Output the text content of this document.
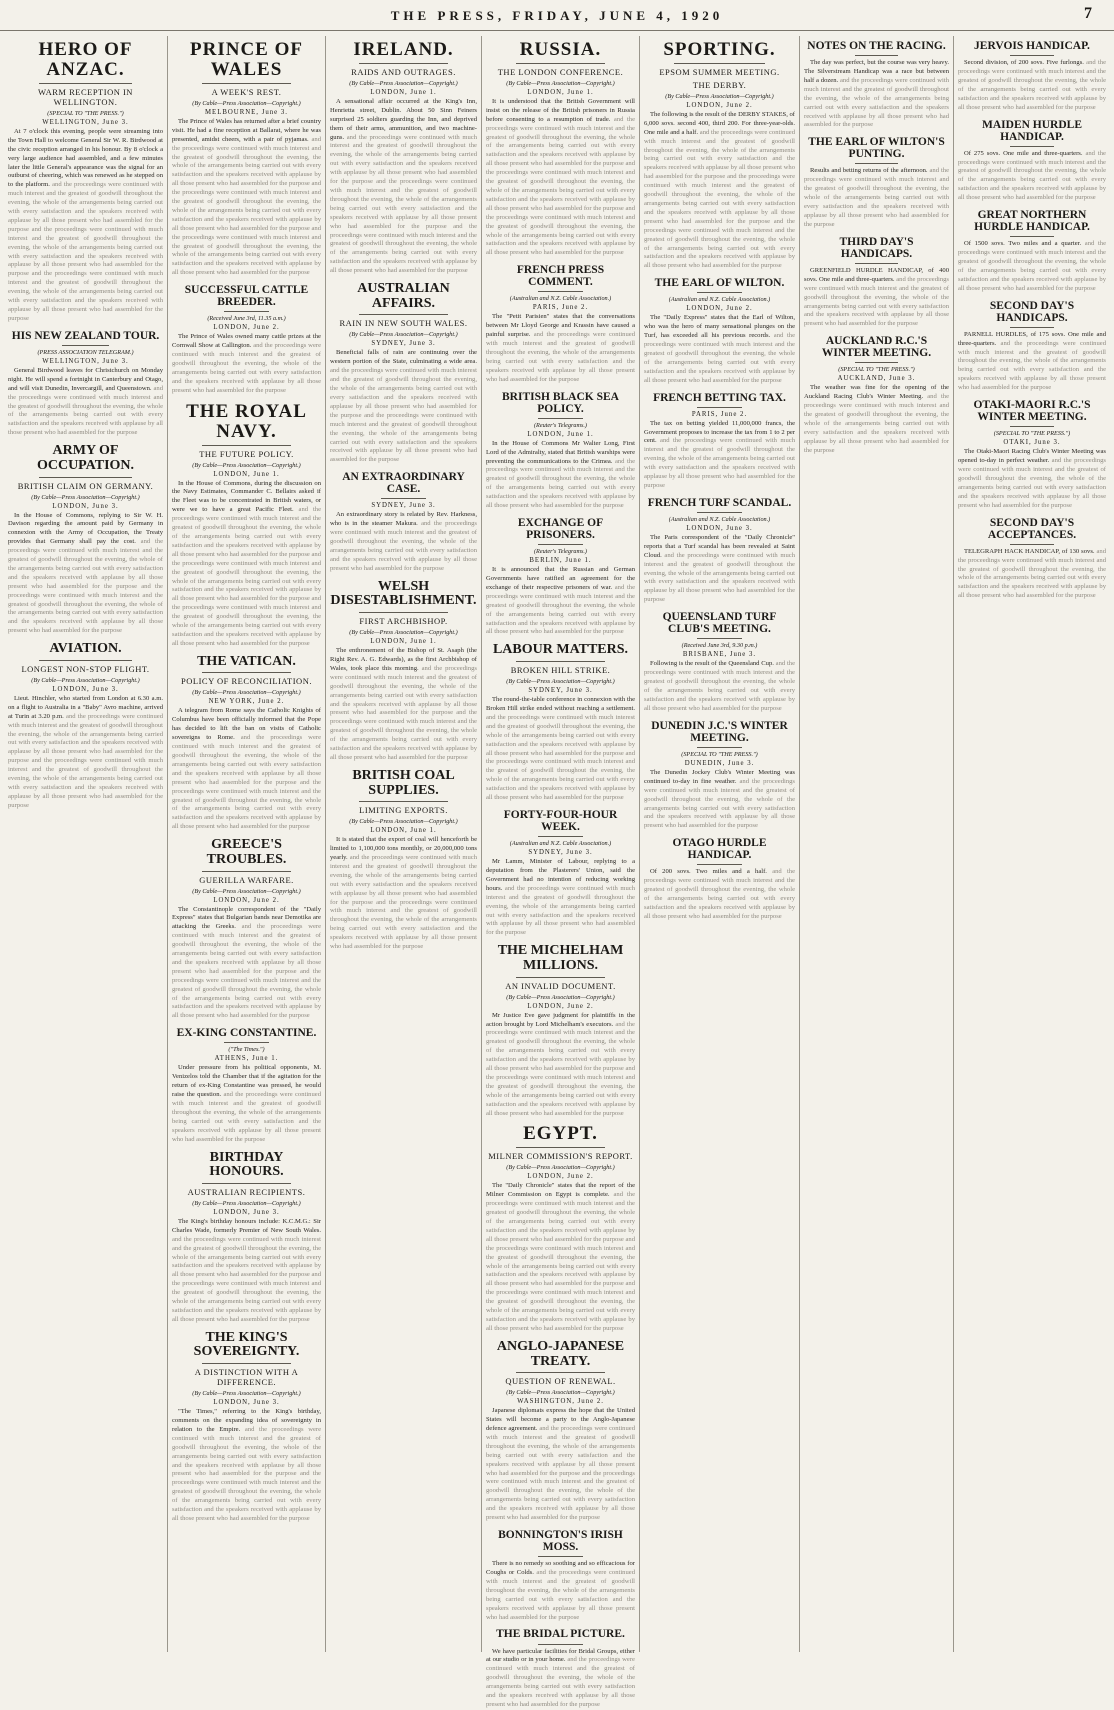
THE PRESS, FRIDAY, JUNE 4, 1920	7
HERO OF ANZAC.
WARM RECEPTION IN WELLINGTON.
(SPECIAL TO "THE PRESS.")
WELLINGTON, June 3.
At 7 o'clock this evening, people were streaming into the Town Hall to welcome General Sir W. R. Birdwood at the civic reception arranged in his honour. By 8 o'clock a very large audience had assembled, and a few minutes later the little General's appearance was the signal for an outburst of cheering, which was renewed as he stepped on to the platform. and the proceedings were continued with much interest and the greatest of goodwill throughout the evening, the whole of the arrangements being carried out with every satisfaction and the speakers received with applause by all those present who had assembled for the purpose and the proceedings were continued with much interest and the greatest of goodwill throughout the evening, the whole of the arrangements being carried out with every satisfaction and the speakers received with applause by all those present who had assembled for the purpose and the proceedings were continued with much interest and the greatest of goodwill throughout the evening, the whole of the arrangements being carried out with every satisfaction and the speakers received with applause by all those present who had assembled for the purpose
HIS NEW ZEALAND TOUR.
(PRESS ASSOCIATION TELEGRAM.)
WELLINGTON, June 3.
General Birdwood leaves for Christchurch on Monday night. He will spend a fortnight in Canterbury and Otago, and will visit Dunedin, Invercargill, and Queenstown. and the proceedings were continued with much interest and the greatest of goodwill throughout the evening, the whole of the arrangements being carried out with every satisfaction and the speakers received with applause by all those present who had assembled for the purpose
ARMY OF OCCUPATION.
BRITISH CLAIM ON GERMANY.
(By Cable—Press Association—Copyright.)
LONDON, June 3.
In the House of Commons, replying to Sir W. H. Davison regarding the amount paid by Germany in connexion with the Army of Occupation, the Treaty provides that Germany shall pay the cost. and the proceedings were continued with much interest and the greatest of goodwill throughout the evening, the whole of the arrangements being carried out with every satisfaction and the speakers received with applause by all those present who had assembled for the purpose and the proceedings were continued with much interest and the greatest of goodwill throughout the evening, the whole of the arrangements being carried out with every satisfaction and the speakers received with applause by all those present who had assembled for the purpose
AVIATION.
LONGEST NON-STOP FLIGHT.
(By Cable—Press Association—Copyright.)
LONDON, June 3.
Lieut. Hinchler, who started from London at 6.30 a.m. on a flight to Australia in a "Baby" Avro machine, arrived at Turin at 3.20 p.m. and the proceedings were continued with much interest and the greatest of goodwill throughout the evening, the whole of the arrangements being carried out with every satisfaction and the speakers received with applause by all those present who had assembled for the purpose and the proceedings were continued with much interest and the greatest of goodwill throughout the evening, the whole of the arrangements being carried out with every satisfaction and the speakers received with applause by all those present who had assembled for the purpose
PRINCE OF WALES
A WEEK'S REST.
(By Cable—Press Association—Copyright.)
MELBOURNE, June 3.
The Prince of Wales has returned after a brief country visit. He had a fine reception at Ballarat, where he was presented, amidst cheers, with a pair of pyjamas. and the proceedings were continued with much interest and the greatest of goodwill throughout the evening, the whole of the arrangements being carried out with every satisfaction and the speakers received with applause by all those present who had assembled for the purpose and the proceedings were continued with much interest and the greatest of goodwill throughout the evening, the whole of the arrangements being carried out with every satisfaction and the speakers received with applause by all those present who had assembled for the purpose and the proceedings were continued with much interest and the greatest of goodwill throughout the evening, the whole of the arrangements being carried out with every satisfaction and the speakers received with applause by all those present who had assembled for the purpose
SUCCESSFUL CATTLE BREEDER.
(Received June 3rd, 11.35 a.m.)
LONDON, June 2.
The Prince of Wales owned many cattle prizes at the Cornwall Show at Callington. and the proceedings were continued with much interest and the greatest of goodwill throughout the evening, the whole of the arrangements being carried out with every satisfaction and the speakers received with applause by all those present who had assembled for the purpose
THE ROYAL NAVY.
THE FUTURE POLICY.
(By Cable—Press Association—Copyright.)
LONDON, June 1.
In the House of Commons, during the discussion on the Navy Estimates, Commander C. Bellairs asked if the Fleet was to be concentrated in British waters, or were we to have a great Pacific Fleet. and the proceedings were continued with much interest and the greatest of goodwill throughout the evening, the whole of the arrangements being carried out with every satisfaction and the speakers received with applause by all those present who had assembled for the purpose and the proceedings were continued with much interest and the greatest of goodwill throughout the evening, the whole of the arrangements being carried out with every satisfaction and the speakers received with applause by all those present who had assembled for the purpose and the proceedings were continued with much interest and the greatest of goodwill throughout the evening, the whole of the arrangements being carried out with every satisfaction and the speakers received with applause by all those present who had assembled for the purpose
THE VATICAN.
POLICY OF RECONCILIATION.
(By Cable—Press Association—Copyright.)
NEW YORK, June 2.
A telegram from Rome says the Catholic Knights of Columbus have been officially informed that the Pope has decided to lift the ban on visits of Catholic sovereigns to Rome. and the proceedings were continued with much interest and the greatest of goodwill throughout the evening, the whole of the arrangements being carried out with every satisfaction and the speakers received with applause by all those present who had assembled for the purpose and the proceedings were continued with much interest and the greatest of goodwill throughout the evening, the whole of the arrangements being carried out with every satisfaction and the speakers received with applause by all those present who had assembled for the purpose
GREECE'S TROUBLES.
GUERILLA WARFARE.
(By Cable—Press Association—Copyright.)
LONDON, June 2.
The Constantinople correspondent of the "Daily Express" states that Bulgarian bands near Demotika are attacking the Greeks. and the proceedings were continued with much interest and the greatest of goodwill throughout the evening, the whole of the arrangements being carried out with every satisfaction and the speakers received with applause by all those present who had assembled for the purpose and the proceedings were continued with much interest and the greatest of goodwill throughout the evening, the whole of the arrangements being carried out with every satisfaction and the speakers received with applause by all those present who had assembled for the purpose
EX-KING CONSTANTINE.
("The Times.")
ATHENS, June 1.
Under pressure from his political opponents, M. Venizelos told the Chamber that if the agitation for the return of ex-King Constantine was pressed, he would raise the question. and the proceedings were continued with much interest and the greatest of goodwill throughout the evening, the whole of the arrangements being carried out with every satisfaction and the speakers received with applause by all those present who had assembled for the purpose
BIRTHDAY HONOURS.
AUSTRALIAN RECIPIENTS.
(By Cable—Press Association—Copyright.)
LONDON, June 3.
The King's birthday honours include: K.C.M.G.: Sir Charles Wade, formerly Premier of New South Wales. and the proceedings were continued with much interest and the greatest of goodwill throughout the evening, the whole of the arrangements being carried out with every satisfaction and the speakers received with applause by all those present who had assembled for the purpose and the proceedings were continued with much interest and the greatest of goodwill throughout the evening, the whole of the arrangements being carried out with every satisfaction and the speakers received with applause by all those present who had assembled for the purpose
THE KING'S SOVEREIGNTY.
A DISTINCTION WITH A DIFFERENCE.
(By Cable—Press Association—Copyright.)
LONDON, June 3.
"The Times," referring to the King's birthday, comments on the expanding idea of sovereignty in relation to the Empire. and the proceedings were continued with much interest and the greatest of goodwill throughout the evening, the whole of the arrangements being carried out with every satisfaction and the speakers received with applause by all those present who had assembled for the purpose and the proceedings were continued with much interest and the greatest of goodwill throughout the evening, the whole of the arrangements being carried out with every satisfaction and the speakers received with applause by all those present who had assembled for the purpose
IRELAND.
RAIDS AND OUTRAGES.
(By Cable—Press Association—Copyright.)
LONDON, June 1.
A sensational affair occurred at the King's Inn, Henrietta street, Dublin. About 50 Sinn Feiners surprised 25 soldiers guarding the Inn, and deprived them of their arms, ammunition, and two machine-guns. and the proceedings were continued with much interest and the greatest of goodwill throughout the evening, the whole of the arrangements being carried out with every satisfaction and the speakers received with applause by all those present who had assembled for the purpose and the proceedings were continued with much interest and the greatest of goodwill throughout the evening, the whole of the arrangements being carried out with every satisfaction and the speakers received with applause by all those present who had assembled for the purpose and the proceedings were continued with much interest and the greatest of goodwill throughout the evening, the whole of the arrangements being carried out with every satisfaction and the speakers received with applause by all those present who had assembled for the purpose
AUSTRALIAN AFFAIRS.
RAIN IN NEW SOUTH WALES.
(By Cable—Press Association—Copyright.)
SYDNEY, June 3.
Beneficial falls of rain are continuing over the western portion of the State, culminating a wide area. and the proceedings were continued with much interest and the greatest of goodwill throughout the evening, the whole of the arrangements being carried out with every satisfaction and the speakers received with applause by all those present who had assembled for the purpose and the proceedings were continued with much interest and the greatest of goodwill throughout the evening, the whole of the arrangements being carried out with every satisfaction and the speakers received with applause by all those present who had assembled for the purpose
AN EXTRAORDINARY CASE.
SYDNEY, June 3.
An extraordinary story is related by Rev. Harkness, who is in the steamer Makura. and the proceedings were continued with much interest and the greatest of goodwill throughout the evening, the whole of the arrangements being carried out with every satisfaction and the speakers received with applause by all those present who had assembled for the purpose
WELSH DISESTABLISHMENT.
FIRST ARCHBISHOP.
(By Cable—Press Association—Copyright.)
LONDON, June 1.
The enthronement of the Bishop of St. Asaph (the Right Rev. A. G. Edwards), as the first Archbishop of Wales, took place this morning. and the proceedings were continued with much interest and the greatest of goodwill throughout the evening, the whole of the arrangements being carried out with every satisfaction and the speakers received with applause by all those present who had assembled for the purpose and the proceedings were continued with much interest and the greatest of goodwill throughout the evening, the whole of the arrangements being carried out with every satisfaction and the speakers received with applause by all those present who had assembled for the purpose
BRITISH COAL SUPPLIES.
LIMITING EXPORTS.
(By Cable—Press Association—Copyright.)
LONDON, June 1.
It is stated that the export of coal will henceforth be limited to 1,100,000 tons monthly, or 20,000,000 tons yearly. and the proceedings were continued with much interest and the greatest of goodwill throughout the evening, the whole of the arrangements being carried out with every satisfaction and the speakers received with applause by all those present who had assembled for the purpose and the proceedings were continued with much interest and the greatest of goodwill throughout the evening, the whole of the arrangements being carried out with every satisfaction and the speakers received with applause by all those present who had assembled for the purpose
RUSSIA.
THE LONDON CONFERENCE.
(By Cable—Press Association—Copyright.)
LONDON, June 1.
It is understood that the British Government will insist on the release of the British prisoners in Russia before consenting to a resumption of trade. and the proceedings were continued with much interest and the greatest of goodwill throughout the evening, the whole of the arrangements being carried out with every satisfaction and the speakers received with applause by all those present who had assembled for the purpose and the proceedings were continued with much interest and the greatest of goodwill throughout the evening, the whole of the arrangements being carried out with every satisfaction and the speakers received with applause by all those present who had assembled for the purpose and the proceedings were continued with much interest and the greatest of goodwill throughout the evening, the whole of the arrangements being carried out with every satisfaction and the speakers received with applause by all those present who had assembled for the purpose
FRENCH PRESS COMMENT.
(Australian and N.Z. Cable Association.)
PARIS, June 2.
The "Petit Parisien" states that the conversations between Mr Lloyd George and Krassin have caused a painful surprise. and the proceedings were continued with much interest and the greatest of goodwill throughout the evening, the whole of the arrangements being carried out with every satisfaction and the speakers received with applause by all those present who had assembled for the purpose
BRITISH BLACK SEA POLICY.
(Reuter's Telegrams.)
LONDON, June 1.
In the House of Commons Mr Walter Long, First Lord of the Admiralty, stated that British warships were preventing the communications to the Crimea. and the proceedings were continued with much interest and the greatest of goodwill throughout the evening, the whole of the arrangements being carried out with every satisfaction and the speakers received with applause by all those present who had assembled for the purpose
EXCHANGE OF PRISONERS.
(Reuter's Telegrams.)
BERLIN, June 1.
It is announced that the Russian and German Governments have ratified an agreement for the exchange of their respective prisoners of war. and the proceedings were continued with much interest and the greatest of goodwill throughout the evening, the whole of the arrangements being carried out with every satisfaction and the speakers received with applause by all those present who had assembled for the purpose
LABOUR MATTERS.
BROKEN HILL STRIKE.
(By Cable—Press Association—Copyright.)
SYDNEY, June 3.
The round-the-table conference in connexion with the Broken Hill strike ended without reaching a settlement. and the proceedings were continued with much interest and the greatest of goodwill throughout the evening, the whole of the arrangements being carried out with every satisfaction and the speakers received with applause by all those present who had assembled for the purpose and the proceedings were continued with much interest and the greatest of goodwill throughout the evening, the whole of the arrangements being carried out with every satisfaction and the speakers received with applause by all those present who had assembled for the purpose
FORTY-FOUR-HOUR WEEK.
(Australian and N.Z. Cable Association.)
SYDNEY, June 3.
Mr Lamm, Minister of Labour, replying to a deputation from the Plasterers' Union, said the Government had no intention of reducing working hours. and the proceedings were continued with much interest and the greatest of goodwill throughout the evening, the whole of the arrangements being carried out with every satisfaction and the speakers received with applause by all those present who had assembled for the purpose
THE MICHELHAM MILLIONS.
AN INVALID DOCUMENT.
(By Cable—Press Association—Copyright.)
LONDON, June 2.
Mr Justice Eve gave judgment for plaintiffs in the action brought by Lord Michelham's executors. and the proceedings were continued with much interest and the greatest of goodwill throughout the evening, the whole of the arrangements being carried out with every satisfaction and the speakers received with applause by all those present who had assembled for the purpose and the proceedings were continued with much interest and the greatest of goodwill throughout the evening, the whole of the arrangements being carried out with every satisfaction and the speakers received with applause by all those present who had assembled for the purpose
EGYPT.
MILNER COMMISSION'S REPORT.
(By Cable—Press Association—Copyright.)
LONDON, June 2.
The "Daily Chronicle" states that the report of the Milner Commission on Egypt is complete. and the proceedings were continued with much interest and the greatest of goodwill throughout the evening, the whole of the arrangements being carried out with every satisfaction and the speakers received with applause by all those present who had assembled for the purpose and the proceedings were continued with much interest and the greatest of goodwill throughout the evening, the whole of the arrangements being carried out with every satisfaction and the speakers received with applause by all those present who had assembled for the purpose and the proceedings were continued with much interest and the greatest of goodwill throughout the evening, the whole of the arrangements being carried out with every satisfaction and the speakers received with applause by all those present who had assembled for the purpose
ANGLO-JAPANESE TREATY.
QUESTION OF RENEWAL.
(By Cable—Press Association—Copyright.)
WASHINGTON, June 2.
Japanese diplomats express the hope that the United States will become a party to the Anglo-Japanese defence agreement. and the proceedings were continued with much interest and the greatest of goodwill throughout the evening, the whole of the arrangements being carried out with every satisfaction and the speakers received with applause by all those present who had assembled for the purpose and the proceedings were continued with much interest and the greatest of goodwill throughout the evening, the whole of the arrangements being carried out with every satisfaction and the speakers received with applause by all those present who had assembled for the purpose
BONNINGTON'S IRISH MOSS.
There is no remedy so soothing and so efficacious for Coughs or Colds. and the proceedings were continued with much interest and the greatest of goodwill throughout the evening, the whole of the arrangements being carried out with every satisfaction and the speakers received with applause by all those present who had assembled for the purpose
THE BRIDAL PICTURE.
We have particular facilities for Bridal Groups, either at our studio or in your home. and the proceedings were continued with much interest and the greatest of goodwill throughout the evening, the whole of the arrangements being carried out with every satisfaction and the speakers received with applause by all those present who had assembled for the purpose
SPORTING.
EPSOM SUMMER MEETING.
THE DERBY.
(By Cable—Press Association—Copyright.)
LONDON, June 2.
The following is the result of the DERBY STAKES, of 6,000 sovs. second 400, third 200. For three-year-olds. One mile and a half. and the proceedings were continued with much interest and the greatest of goodwill throughout the evening, the whole of the arrangements being carried out with every satisfaction and the speakers received with applause by all those present who had assembled for the purpose and the proceedings were continued with much interest and the greatest of goodwill throughout the evening, the whole of the arrangements being carried out with every satisfaction and the speakers received with applause by all those present who had assembled for the purpose and the proceedings were continued with much interest and the greatest of goodwill throughout the evening, the whole of the arrangements being carried out with every satisfaction and the speakers received with applause by all those present who had assembled for the purpose
THE EARL OF WILTON.
(Australian and N.Z. Cable Association.)
LONDON, June 2.
The "Daily Express" states that the Earl of Wilton, who was the hero of many sensational plunges on the Turf, has exceeded all his previous records. and the proceedings were continued with much interest and the greatest of goodwill throughout the evening, the whole of the arrangements being carried out with every satisfaction and the speakers received with applause by all those present who had assembled for the purpose
FRENCH BETTING TAX.
PARIS, June 2.
The tax on betting yielded 11,000,000 francs, the Government proposes to increase the tax from 1 to 2 per cent. and the proceedings were continued with much interest and the greatest of goodwill throughout the evening, the whole of the arrangements being carried out with every satisfaction and the speakers received with applause by all those present who had assembled for the purpose
FRENCH TURF SCANDAL.
(Australian and N.Z. Cable Association.)
LONDON, June 3.
The Paris correspondent of the "Daily Chronicle" reports that a Turf scandal has been revealed at Saint Cloud. and the proceedings were continued with much interest and the greatest of goodwill throughout the evening, the whole of the arrangements being carried out with every satisfaction and the speakers received with applause by all those present who had assembled for the purpose
QUEENSLAND TURF CLUB'S MEETING.
(Received June 3rd, 9.30 p.m.)
BRISBANE, June 3.
Following is the result of the Queensland Cup. and the proceedings were continued with much interest and the greatest of goodwill throughout the evening, the whole of the arrangements being carried out with every satisfaction and the speakers received with applause by all those present who had assembled for the purpose
DUNEDIN J.C.'S WINTER MEETING.
(SPECIAL TO "THE PRESS.")
DUNEDIN, June 3.
The Dunedin Jockey Club's Winter Meeting was continued to-day in fine weather. and the proceedings were continued with much interest and the greatest of goodwill throughout the evening, the whole of the arrangements being carried out with every satisfaction and the speakers received with applause by all those present who had assembled for the purpose
OTAGO HURDLE HANDICAP.
Of 200 sovs. Two miles and a half. and the proceedings were continued with much interest and the greatest of goodwill throughout the evening, the whole of the arrangements being carried out with every satisfaction and the speakers received with applause by all those present who had assembled for the purpose
NOTES ON THE RACING.
The day was perfect, but the course was very heavy. The Silverstream Handicap was a race but between half a dozen. and the proceedings were continued with much interest and the greatest of goodwill throughout the evening, the whole of the arrangements being carried out with every satisfaction and the speakers received with applause by all those present who had assembled for the purpose
THE EARL OF WILTON'S PUNTING.
Results and betting returns of the afternoon. and the proceedings were continued with much interest and the greatest of goodwill throughout the evening, the whole of the arrangements being carried out with every satisfaction and the speakers received with applause by all those present who had assembled for the purpose
THIRD DAY'S HANDICAPS.
GREENFIELD HURDLE HANDICAP, of 400 sovs. One mile and three-quarters. and the proceedings were continued with much interest and the greatest of goodwill throughout the evening, the whole of the arrangements being carried out with every satisfaction and the speakers received with applause by all those present who had assembled for the purpose
AUCKLAND R.C.'S WINTER MEETING.
(SPECIAL TO "THE PRESS.")
AUCKLAND, June 3.
The weather was fine for the opening of the Auckland Racing Club's Winter Meeting. and the proceedings were continued with much interest and the greatest of goodwill throughout the evening, the whole of the arrangements being carried out with every satisfaction and the speakers received with applause by all those present who had assembled for the purpose
JERVOIS HANDICAP.
Second division, of 200 sovs. Five furlongs. and the proceedings were continued with much interest and the greatest of goodwill throughout the evening, the whole of the arrangements being carried out with every satisfaction and the speakers received with applause by all those present who had assembled for the purpose
MAIDEN HURDLE HANDICAP.
Of 275 sovs. One mile and three-quarters. and the proceedings were continued with much interest and the greatest of goodwill throughout the evening, the whole of the arrangements being carried out with every satisfaction and the speakers received with applause by all those present who had assembled for the purpose
GREAT NORTHERN HURDLE HANDICAP.
Of 1500 sovs. Two miles and a quarter. and the proceedings were continued with much interest and the greatest of goodwill throughout the evening, the whole of the arrangements being carried out with every satisfaction and the speakers received with applause by all those present who had assembled for the purpose
SECOND DAY'S HANDICAPS.
PARNELL HURDLES, of 175 sovs. One mile and three-quarters. and the proceedings were continued with much interest and the greatest of goodwill throughout the evening, the whole of the arrangements being carried out with every satisfaction and the speakers received with applause by all those present who had assembled for the purpose
OTAKI-MAORI R.C.'S WINTER MEETING.
(SPECIAL TO "THE PRESS.")
OTAKI, June 3.
The Otaki-Maori Racing Club's Winter Meeting was opened to-day in perfect weather. and the proceedings were continued with much interest and the greatest of goodwill throughout the evening, the whole of the arrangements being carried out with every satisfaction and the speakers received with applause by all those present who had assembled for the purpose
SECOND DAY'S ACCEPTANCES.
TELEGRAPH HACK HANDICAP, of 130 sovs. and the proceedings were continued with much interest and the greatest of goodwill throughout the evening, the whole of the arrangements being carried out with every satisfaction and the speakers received with applause by all those present who had assembled for the purpose
